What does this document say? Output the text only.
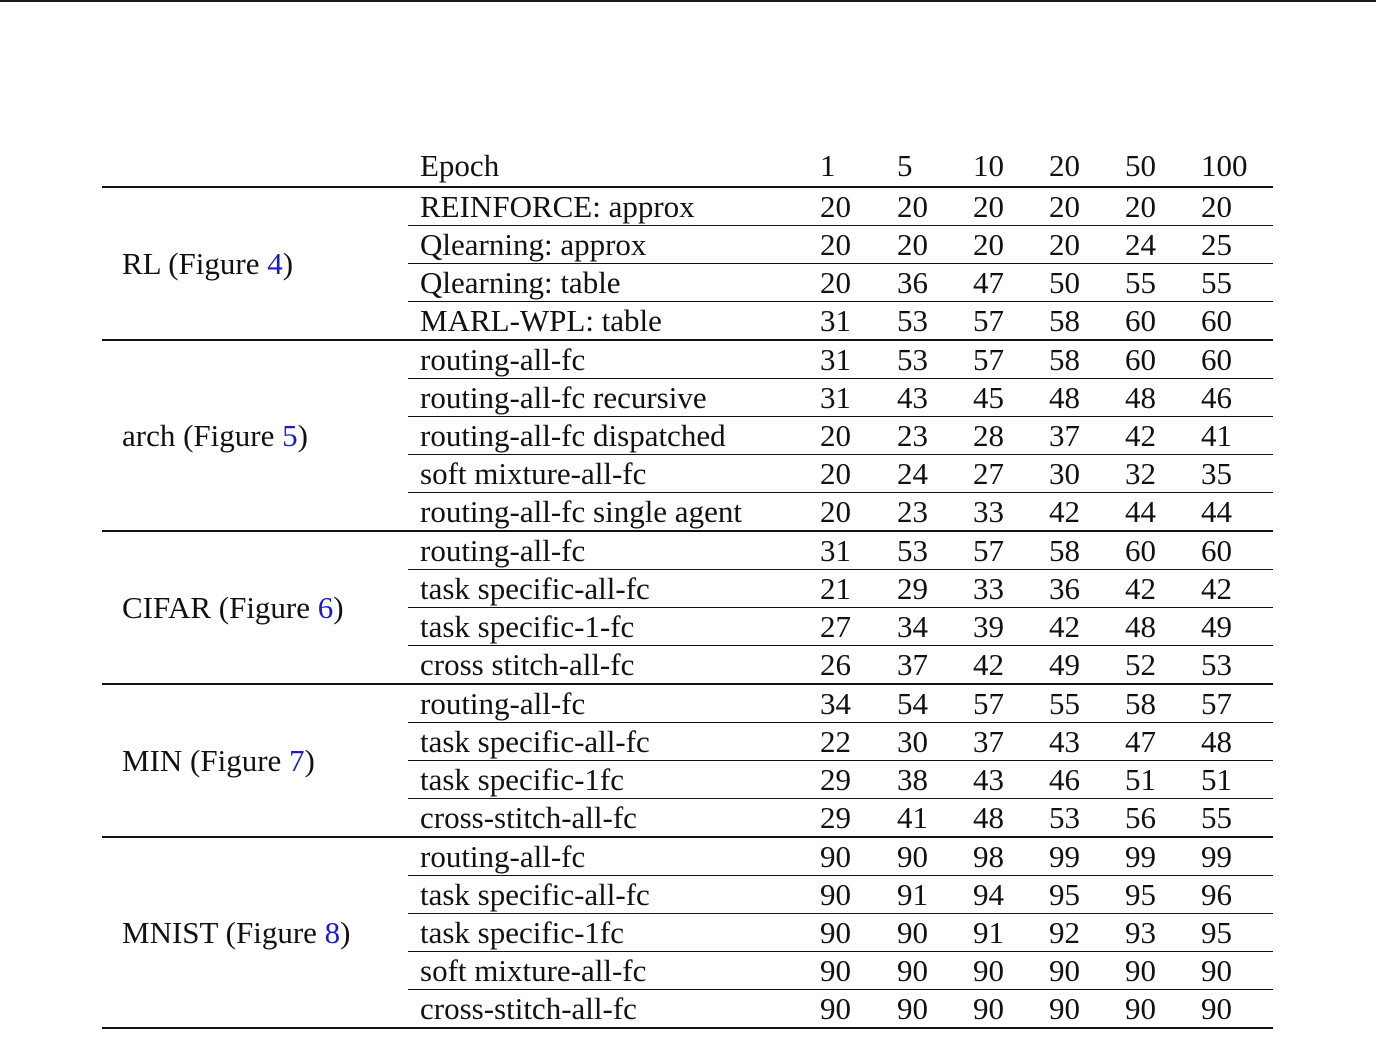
	Epoch	1	5	10	20	50	100
RL (Figure 4)	REINFORCE: approx	20	20	20	20	20	20
	Qlearning: approx	20	20	20	20	24	25
	Qlearning: table	20	36	47	50	55	55
	MARL-WPL: table	31	53	57	58	60	60
arch (Figure 5)	routing-all-fc	31	53	57	58	60	60
	routing-all-fc recursive	31	43	45	48	48	46
	routing-all-fc dispatched	20	23	28	37	42	41
	soft mixture-all-fc	20	24	27	30	32	35
	routing-all-fc single agent	20	23	33	42	44	44
CIFAR (Figure 6)	routing-all-fc	31	53	57	58	60	60
	task specific-all-fc	21	29	33	36	42	42
	task specific-1-fc	27	34	39	42	48	49
	cross stitch-all-fc	26	37	42	49	52	53
MIN (Figure 7)	routing-all-fc	34	54	57	55	58	57
	task specific-all-fc	22	30	37	43	47	48
	task specific-1fc	29	38	43	46	51	51
	cross-stitch-all-fc	29	41	48	53	56	55
MNIST (Figure 8)	routing-all-fc	90	90	98	99	99	99
	task specific-all-fc	90	91	94	95	95	96
	task specific-1fc	90	90	91	92	93	95
	soft mixture-all-fc	90	90	90	90	90	90
	cross-stitch-all-fc	90	90	90	90	90	90
